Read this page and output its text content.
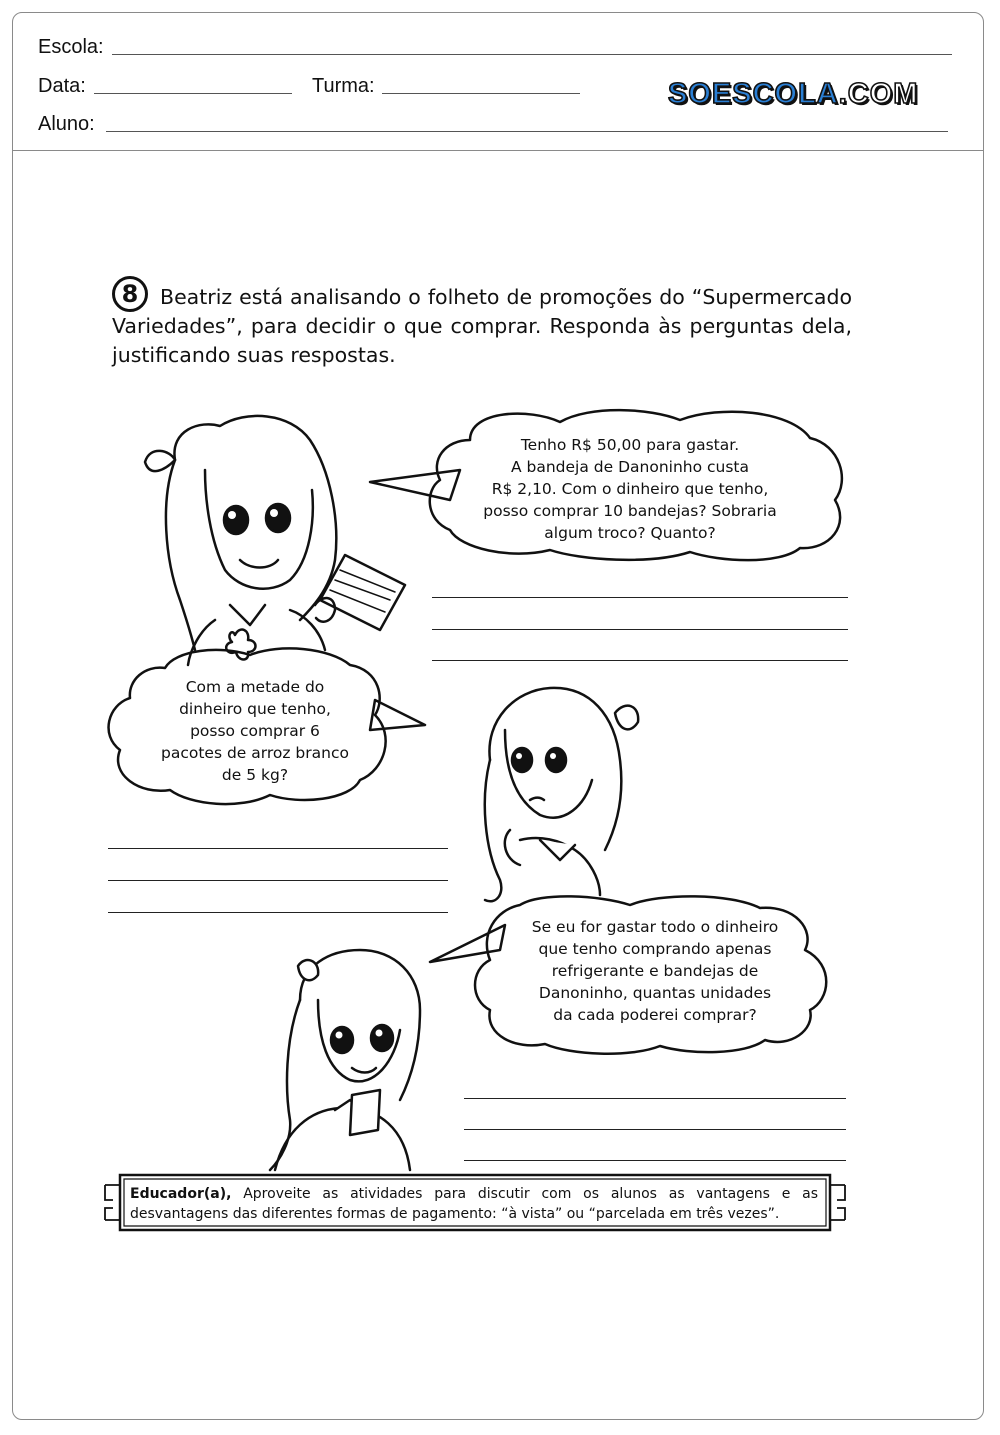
Escola:
Data:	Turma:
Aluno:
SOESCOLA.COM
8	Beatriz está analisando o folheto de promoções do “Supermercado Variedades”, para decidir o que comprar. Responda às perguntas dela, justificando suas respostas.
Tenho R$ 50,00 para gastar.
A bandeja de Danoninho custa
R$ 2,10. Com o dinheiro que tenho,
posso comprar 10 bandejas? Sobraria
algum troco? Quanto?
Com a metade do
dinheiro que tenho,
posso comprar 6
pacotes de arroz branco
de 5 kg?
Se eu for gastar todo o dinheiro
que tenho comprando apenas
refrigerante e bandejas de
Danoninho, quantas unidades
da cada poderei comprar?
Educador(a), Aproveite as atividades para discutir com os alunos as vantagens e as desvantagens das diferentes formas de pagamento: “à vista” ou “parcelada em três vezes”.
